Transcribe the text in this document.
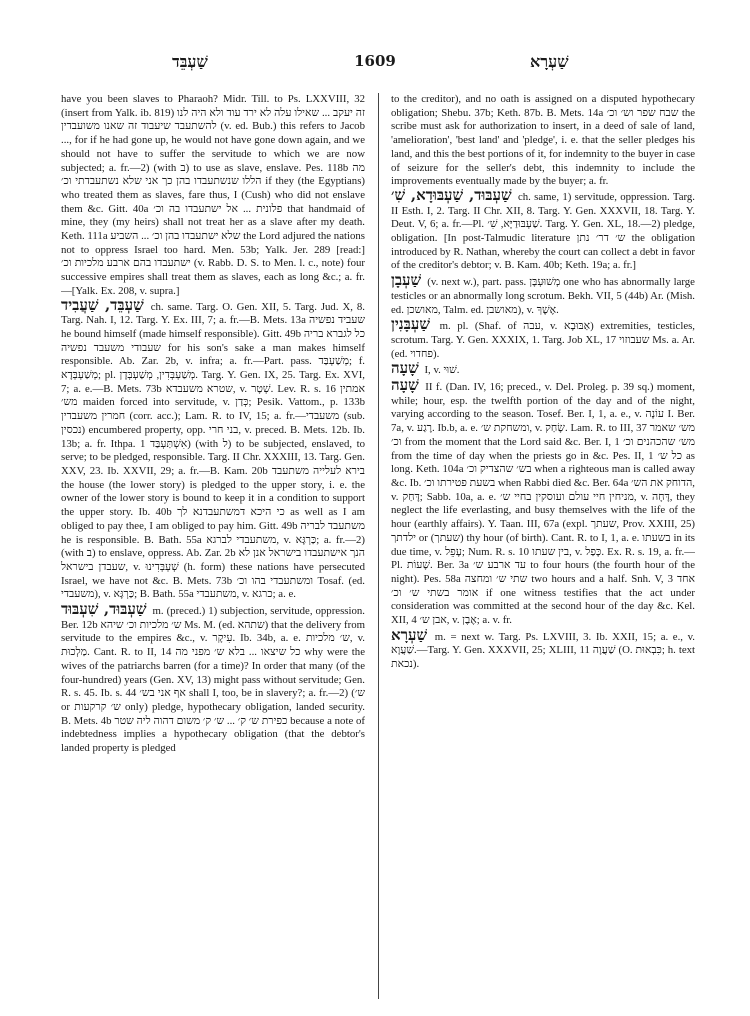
שַׁעְבֵּד	1609	שַׁעְרָא

have you been slaves to Pharaoh? Midr. Till. to Ps. LXXVIII, 32 (insert from Yalk. ib. 819) זה יעקב ... שאילו עלה לא ירד עוד ולא היה לנו להשתעבד שיעבוד זה שאנו משועבדין (v. ed. Bub.) this refers to Jacob ..., for if he had gone up, he would not have gone down again, and we should not have to suffer the servitude to which we are now subjected; a. fr.—2) (with ב) to use as slave, enslave. Pes. 118b מה הללו שנשתעבדו בהן כך אני שלא נשתעבדתי וכ׳ if they (the Egyptians) who treated them as slaves, fare thus, I (Cush) who did not enslave them &c. Gitt. 40a פלונית ... אל ישתעבדו בה וכ׳ that handmaid of mine, they (my heirs) shall not treat her as a slave after my death. Keth. 111a שלא ישתעבדו בהן וכ׳ ... השביע the Lord adjured the nations not to oppress Israel too hard. Men. 53b; Yalk. Jer. 289 [read:] ישתעבדו בהם ארבע מלכיות וכ׳ (v. Rabb. D. S. to Men. l. c., note) four successive empires shall treat them as slaves, each as long &c.; a. fr.—[Yalk. Ex. 208, v. supra.]

שַׁעְבֵּד, שַׁעֲבִיד ch. same. Targ. O. Gen. XII, 5. Targ. Jud. X, 8. Targ. Nah. I, 12. Targ. Y. Ex. III, 7; a. fr.—B. Mets. 13a שעביד נפשיה he bound himself (made himself responsible). Gitt. 49b כל לגברא בריה שעבודי משעבד נפשיה for his son's sake a man makes himself responsible. Ab. Zar. 2b, v. infra; a. fr.—Part. pass. מְשַׁעְבַּד; f. מְשַׁעְבְּדָא; pl. מְשַׁעְבְּדִין, מְשַׁעְבְּדָן. Targ. Y. Gen. IX, 25. Targ. Ex. XVI, 7; a. e.—B. Mets. 73b שטרא משעבדא, v. שְׁטָר. Lev. R. s. 16 אמתין מש׳ maiden forced into servitude, v. כְּדַן; Pesik. Vattom., p. 133b חמרין משעבדין (corr. acc.); Lam. R. to IV, 15; a. fr.—משעבדי (sub. נכסין) encumbered property, opp. בני חרי, v. preced. B. Mets. 12b. Ib. 13b; a. fr. Ithpa. אִשְׁתַּעְבַּד 1) (with ל) to be subjected, enslaved, to serve; to be pledged, responsible. Targ. II Chr. XXXIII, 13. Targ. Gen. XXV, 23. Ib. XXVII, 29; a. fr.—B. Kam. 20b בירא לעלייה משתעבד the house (the lower story) is pledged to the upper story, i. e. the owner of the lower story is bound to keep it in a condition to support the upper story. Ib. 40b כי היכא דמשתעבדנא לך as well as I am obliged to pay thee, I am obliged to pay him. Gitt. 49b משתעבד לבריה he is responsible. B. Bath. 55a משתעבדי לברגא, v. כַּרְגָּא; a. fr.—2) (with ב) to enslave, oppress. Ab. Zar. 2b הנך אישתעבדו בישראל אנן לא שעבדן בישראל, v. שְׁעְבְּדִינוּ (h. form) these nations have persecuted Israel, we have not &c. B. Mets. 73b ומשתעבדי בהו וכ׳ Tosaf. (ed. משעבדי), v. כַּרְגָּא; B. Bath. 55a משתעבדי, v. כרגא; a. e.
שַׁעְבּוּד, שִׁעְבּוּד m. (preced.) 1) subjection, servitude, oppression. Ber. 12b ש׳ מלכיות וכ׳ שיהא Ms. M. (ed. שתהא) that the delivery from servitude to the empires &c., v. עִיקָר. Ib. 34b, a. e. ש׳ מלכיות, v. מַלְכוּת. Cant. R. to II, 14 כל שיצאו ... בלא ש׳ מפני מה why were the wives of the patriarchs barren (for a time)? In order that many (of the four-hundred) years (Gen. XV, 13) might pass without servitude; Gen. R. s. 45. Ib. s. 44 אף אני בש׳ shall I, too, be in slavery?; a. fr.—2) (ש׳ or ש׳ קרקעות only) pledge, hypothecary obligation, landed security. B. Mets. 4b כפירת ש׳ ק׳ ... ש׳ ק׳ משום דהוה ליה שטר because a note of indebtedness implies a hypothecary obligation (that the debtor's landed property is pledged

to the creditor), and no oath is assigned on a disputed hypothecary obligation; Shebu. 37b; Keth. 87b. B. Mets. 14a שבח שפר וש׳ וכ׳ the scribe must ask for authorization to insert, in a deed of sale of land, 'amelioration', 'best land' and 'pledge', i. e. that the seller pledges his land, and this the best portions of it, for indemnity to the buyer in case of seizure for the seller's debt, this indemnity to include the improvements eventually made by the buyer; a. fr.

שַׁעְבּוּד, שַׁעְבּוּדָא, שִׁ׳ ch. same, 1) servitude, oppression. Targ. II Esth. I, 2. Targ. II Chr. XII, 8. Targ. Y. Gen. XXXVII, 18. Targ. Y. Deut. V, 6; a. fr.—Pl. שַׁעְבּוּדַיָּא, שִׁ׳. Targ. Y. Gen. XL, 18.—2) pledge, obligation. [In post-Talmudic literature ש׳ דר׳ נתן the obligation introduced by R. Nathan, whereby the court can collect a debt in favor of the creditor's debtor; v. B. Kam. 40b; Keth. 19a; a. fr.]
שַׁעְבָן (v. next w.), part. pass. מְשׁוּעְבָּן one who has abnormally large testicles or an abnormally long scrotum. Bekh. VII, 5 (44b) Ar. (Mish. ed. מאושכן, Talm. ed. מאושבן), v. אֶשֶׁךְ.
שַׁעְבָּנִין m. pl. (Shaf. of עבה, v. אַבּוּבָא) extremities, testicles, scrotum. Targ. Y. Gen. XXXIX, 1. Targ. Job XL, 17 שעבוזוי Ms. a. Ar. (ed. פחדוי).
שָׁעָה I, v. שׁוּי.
שָׁעָה II f. (Dan. IV, 16; preced., v. Del. Proleg. p. 39 sq.) moment, while; hour, esp. the twelfth portion of the day and of the night, varying according to the season. Tosef. Ber. I, 1, a. e., v. עוֹנָה I. Ber. 7a, v. רֶגַע. Ib.b, a. e. ומשחקת ש׳, v. שָׂחַק. Lam. R. to III, 37 מש׳ שאמר וכ׳ from the moment that the Lord said &c. Ber. I, 1 מש׳ שהכהנים וכ׳ from the time of day when the priests go in &c. Pes. II, 1 כל ש׳ as long. Keth. 104a בש׳ שהצדיק וכ׳ when a righteous man is called away &c. Ib. בשעת פטירתו וכ׳ when Rabbi died &c. Ber. 64a הדוחק את הש׳, v. דָּחַק; Sabb. 10a, a. e. מניחין חיי עולם ועוסקין בחיי ש׳, v. דָּחָה, they neglect the life everlasting, and busy themselves with the life of the hour (earthly affairs). Y. Taan. III, 67a (expl. שעתך, Prov. XXIII, 25) ילדתך or (שעתך) thy hour (of birth). Cant. R. to I, 1, a. e. בשעתו in its due time, v. עָפֵל; Num. R. s. 10 בין שעתו, v. כָּפַל. Ex. R. s. 19, a. fr.—Pl. שָׁעוֹת. Ber. 3a עד ארבע ש׳ to four hours (the fourth hour of the night). Pes. 58a שתי ש׳ ומחצה two hours and a half. Snh. V, 3 אחד אומר בשתי ש׳ וכ׳ if one witness testifies that the act under consideration was committed at the second hour of the day &c. Kel. XII, 4 אבן ש׳, v. אֶבֶן; a. v. fr.
שַׁעְרָא m. = next w. Targ. Ps. LXVIII, 3. Ib. XXII, 15; a. e., v. שַׁעֲוָא.—Targ. Y. Gen. XXXVII, 25; XLIII, 11 שַׁעֲוָה (O. כִּבְאוּת; h. text נכאת).
